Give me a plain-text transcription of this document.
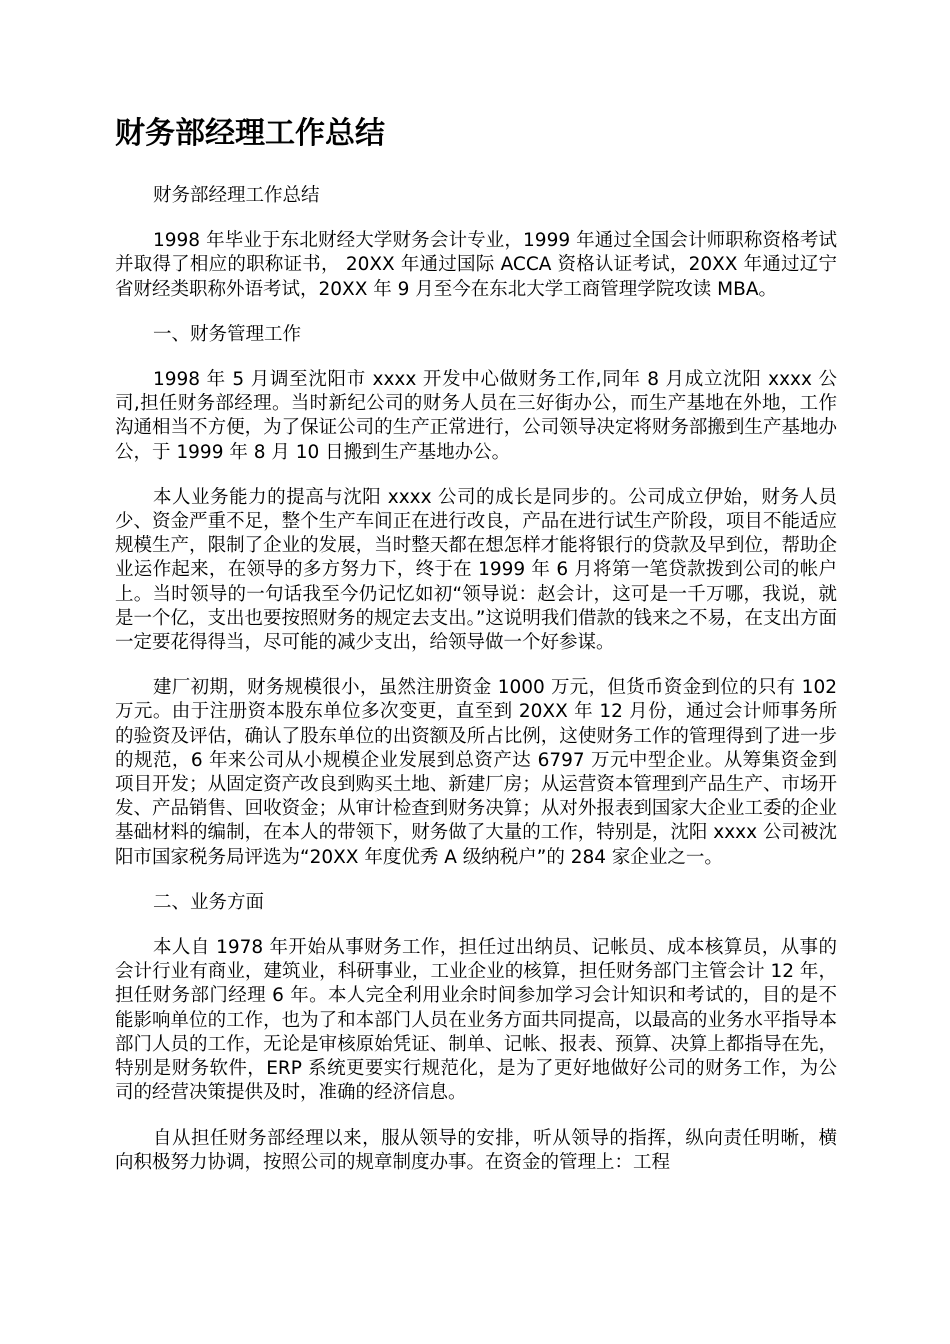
财务部经理工作总结

财务部经理工作总结

1998 年毕业于东北财经大学财务会计专业，1999 年通过全国会计师职称资格考试并取得了相应的职称证书， 20XX 年通过国际 ACCA 资格认证考试，20XX 年通过辽宁省财经类职称外语考试，20XX 年 9 月至今在东北大学工商管理学院攻读 MBA。

一、财务管理工作

1998 年 5 月调至沈阳市 xxxx 开发中心做财务工作,同年 8 月成立沈阳 xxxx 公司,担任财务部经理。当时新纪公司的财务人员在三好街办公，而生产基地在外地，工作沟通相当不方便，为了保证公司的生产正常进行，公司领导决定将财务部搬到生产基地办公，于 1999 年 8 月 10 日搬到生产基地办公。

本人业务能力的提高与沈阳 xxxx 公司的成长是同步的。公司成立伊始，财务人员少、资金严重不足，整个生产车间正在进行改良，产品在进行试生产阶段，项目不能适应规模生产，限制了企业的发展，当时整天都在想怎样才能将银行的贷款及早到位，帮助企业运作起来，在领导的多方努力下，终于在 1999 年 6 月将第一笔贷款拨到公司的帐户上。当时领导的一句话我至今仍记忆如初“领导说：赵会计，这可是一千万哪，我说，就是一个亿，支出也要按照财务的规定去支出。”这说明我们借款的钱来之不易，在支出方面一定要花得得当，尽可能的减少支出，给领导做一个好参谋。

建厂初期，财务规模很小，虽然注册资金 1000 万元，但货币资金到位的只有 102 万元。由于注册资本股东单位多次变更，直至到 20XX 年 12 月份，通过会计师事务所的验资及评估，确认了股东单位的出资额及所占比例，这使财务工作的管理得到了进一步的规范，6 年来公司从小规模企业发展到总资产达 6797 万元中型企业。从筹集资金到项目开发；从固定资产改良到购买土地、新建厂房；从运营资本管理到产品生产、市场开发、产品销售、回收资金；从审计检查到财务决算；从对外报表到国家大企业工委的企业基础材料的编制，在本人的带领下，财务做了大量的工作，特别是，沈阳 xxxx 公司被沈阳市国家税务局评选为“20XX 年度优秀 A 级纳税户”的 284 家企业之一。

二、业务方面

本人自 1978 年开始从事财务工作，担任过出纳员、记帐员、成本核算员，从事的会计行业有商业，建筑业，科研事业，工业企业的核算，担任财务部门主管会计 12 年，担任财务部门经理 6 年。本人完全利用业余时间参加学习会计知识和考试的，目的是不能影响单位的工作，也为了和本部门人员在业务方面共同提高，以最高的业务水平指导本部门人员的工作，无论是审核原始凭证、制单、记帐、报表、预算、决算上都指导在先，特别是财务软件，ERP 系统更要实行规范化，是为了更好地做好公司的财务工作，为公司的经营决策提供及时，准确的经济信息。

自从担任财务部经理以来，服从领导的安排，听从领导的指挥，纵向责任明晰，横向积极努力协调，按照公司的规章制度办事。在资金的管理上：工程
